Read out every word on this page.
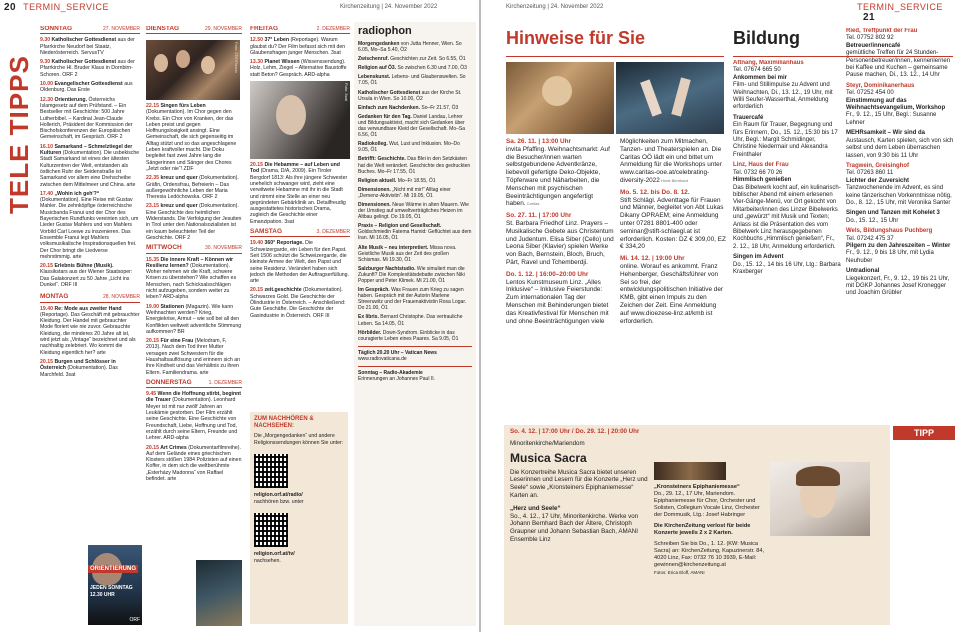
20 TERMIN_SERVICE	Kirchenzeitung | 24. November 2022
TELE TIPPS
SONNTAG	27. NOVEMBER

9.30 Katholischer Gottesdienst aus der Pfarrkirche Neudorf bei Staatz, Niederösterreich. ServusTV

9.30 Katholischer Gottesdienst aus der Pfarrkirche Hl. Bruder Klaus in Dornbirn-Schoren. ORF 2

10.00 Evangelischer Gottesdienst aus Oldenburg. Das Erste

12.30 Orientierung. Österreichs Islamgesetz auf dem Prüfstand. – Ein Bestseller mit Geschichte: 500 Jahre Lutherbibel. – Kardinal Jean-Claude Hollerich, Präsident der Kommission der Bischofskonferenzen der Europäischen Gemeinschaft, im Gespräch. ORF 2

16.10 Samarkand – Schmelztiegel der Kulturen (Dokumentation). Die usbekische Stadt Samarkand ist eines der ältesten Kulturzentren der Welt, entstanden als östlichen Ruhr der Seidenstraße ist Samarkand vor allem eine Drehscheibe zwischen dem Mittelmeer und China. arte

17.40 „Wohin ich geh'?“ (Dokumentation). Eine Reise mit Gustav Mahler. Die zehnköpfige österreichische Musicbanda Franui und der Chor des Bayerischen Rundfunks vereinten sich, um Lieder Gustav Mahlers und von Mahlers Vorbild Carl Loewe zu inszenieren. Das Ensemble Franui legt Mahlers volksmusikalische Inspirationsquellen frei. Der Chor bringt die Liedverse mehrstimmig. arte

20.15 Erlebnis Bühne (Musik). Klassikstars aus der Wiener Staatsoper: Das Galakonzert zu 50 Jahre „Licht ins Dunkel“. ORF III

MONTAG	28. NOVEMBER

19.40 Re: Mode aus zweiter Hand (Reportage). Das Geschäft mit gebrauchter Kleidung. Der Handel mit gebrauchter Mode floriert wie nie zuvor. Gebrauchte Kleidung, die minderes 20 Jahre alt ist, wird jetzt als „Vintage“ bezeichnet und als nachhaltig zelebriert. Wo kommt die Kleidung eigentlich her? arte

20.15 Burgen und Schlösser in Österreich (Dokumentation). Das Marchfeld. 3sat

ORIENTIERUNG
JEDEN SONNTAG
12.30 UHR
ORF
Foto: ZDF/Radon
DIENSTAG	29. NOVEMBER

22.15 Singen fürs Leben (Dokumentation). Im Chor gegen den Krebs. Ein Chor von Kranken, der das Leben preist und gegen Hoffnungslosigkeit ansingt. Eine Gemeinschaft, die sich gegenseitig im Alltag stützt und so das angeschlagene Leben kraftvoller macht. Die Doku begleitet fast zwei Jahre lang die Sängerinnen und Sänger des Chores „Jetzt oder nie“! ZDF

22.35 kreuz und quer (Dokumentation). Gräfin, Ordensfrau, Befreierin – Das außergewöhnliche Leben der Maria Theresia Ledóchowska. ORF 2

23.15 kreuz und quer (Dokumentation). Eine Geschichte des heimlichen Widerstands. Die Verfolgung der Jesuiten in Tirol unter den Nationalsozialisten ist ein kaum beleuchteter Teil der Geschichte. ORF 2

MITTWOCH	30. NOVEMBER

15.35 Die innere Kraft – Können wir Resilienz lernen? (Dokumentation). Woher nehmen wir die Kraft, schwere Krisen zu überstehen? Wie schaffen es Menschen, nach Schicksalsschlägen nicht aufzugeben, sondern weiter zu leben? ARD-alpha

19.00 Stationen (Magazin). Wie kann Weihnachten werden? Krieg, Energiekrise, Armut – wie soll bei all den Konflikten weltweit adventliche Stimmung aufkommen? BR

20.15 Für eine Frau (Melodram, F, 2013). Nach dem Tod ihrer Mutter versagen zwei Schwestern für die Haushaltsauflösung und erinnern sich an ihre Kindheit und das Verhältnis zu ihren Eltern. Familiendrama. arte

DONNERSTAG	1. DEZEMBER

9.45 Wenn die Hoffnung stirbt, beginnt die Trauer (Dokumentation). Leonhard Meyer ist mit nur zwölf Jahren an Leukämie gestorben. Der Film erzählt seine Geschichte. Eine Geschichte von Freundschaft, Liebe, Hoffnung und Tod, erzählt durch seine Eltern, Freunde und Lehrer. ARD-alpha

20.15 Art Crimes (Dokumentarfilmreihe). Auf dem Gelände eines griechischen Klosters stößen 1984 Polizisten auf einen Koffer, in dem sich die weltberühmte „Esterházy Madonna“ von Raffael befindet. arte

FREITAG	2. DEZEMBER

12.50 37° Leben (Reportage). Warum glaubst du? Der Film befasst sich mit den Glaubensfragen junger Menschen. 3sat

13.30 Planet Wissen (Wissenssendung). Holz, Lehm, Ziegel – Alternative Baustoffe statt Beton? Gespräch. ARD-alpha

Foto: 3sat

20.15 Die Hebamme – auf Leben und Tod (Drama, D/A, 2009). Ein Tiroler Bergdorf 1813: Als ihre jüngere Schwester unehelich schwanger wird, zieht eine verwitwete Hebamme mit ihr in die Stadt und nimmt eine Stelle an einer neu gegründeten Gebärklinik an. Detailfreudig ausgestattetes historisches Drama, zugleich die Geschichte einer Emanzipation. 3sat

SAMSTAG	3. DEZEMBER

19.40 360° Reportage. Die Schweizergarde, ein Leben für den Papst. Seit 1506 schützt die Schweizergarde, die kleinste Armee der Welt, den Papst und seine Residenz. Verändert haben sich jedoch die Methoden der Auftragserfüllung. arte

20.15 zeit.geschichte (Dokumentation). Schwarzes Gold. Die Geschichte der Ölindustrie in Österreich. – Anschließend: Gute Geschäfte. Die Geschichte der Gasindustrie in Österreich. ORF III

ZUM NACHHÖREN & NACHSEHEN:
Die „Morgengedanken“ und andere Religionssendungen können Sie unter:
religion.orf.at/radio/
nachhören bzw. unter
religion.orf.at/tv/
nachsehen.
radiophon

Morgengedanken von Jutta Henner, Wien. So 6.05, Mo–Sa 5.40, Ö2

Zwischenruf. Geschichten zur Zeit. So 6.55, Ö1

Religion auf Ö3. So zwischen 6.30 und 7.00, Ö3

Lebenskunst. Lebens- und Glaubenswelten. So 7.05, Ö1

Katholischer Gottesdienst aus der Kirche St. Ursula in Wien. So 10.00, Ö2

Einfach zum Nachdenken. So–Fr 21.57, Ö3

Gedanken für den Tag. Daniel Landau, Lehrer und Bildungsaktivist, macht sich Gedanken über das verwundbare Kleid der Gesellschaft. Mo–Sa 6.56, Ö1

Radiokolleg. Wut, Lust und Inklusion. Mo–Do 9.05, Ö1

Betrifft: Geschichte. Das Blei in den Setzkästen hat die Welt verändert. Geschichte des gedruckten Buches. Mo–Fr 17.55, Ö1

Religion aktuell. Mo–Fr 18.55, Ö1

Dimensionen. „Nicht mit mir!“ Alltag einer „Demenz-Aktivistin“. Mi 19.05, Ö1

Dimensionen. Neue Wärme in alten Mauern. Wie der Umstieg auf umweltverträgliches Heizen im Altbau gelingt. Do 19.05, Ö1

Praxis – Religion und Gesellschaft. Goldschmiedin Fatema Hamid: Geflüchtet aus dem Iran. Mi 16.05, Ö1

Alte Musik – neu interpretiert. Missa nova. Geistliche Musik aus der Zeit des großen Schismas. Mi 19.30, Ö1

Salzburger Nachtstudio. Wie simuliert man die Zukunft? Die Komplexitätsdebatte zwischen Niki Popper und Peter Klimek. Mi 21.00, Ö1

Im Gespräch. Was Frauen zum Krieg zu sagen haben. Gespräch mit der Autorin Marlene Streeruwitz und der Frauenaktivistin Rosa Logar. Do 21.00, Ö1

Ex libris. Bernard Christophe. Das vertrauliche Leben. Sa 14.05, Ö1

Hörbilder. Down-Syndrom. Einblicke in das couragierte Leben eines Paares. Sa 9.05, Ö1

Täglich 20.20 Uhr – Vatican News
www.radiovaticana.de
Sonntag – Radio-Akademie
Erinnerungen an Johannes Paul II.
Kirchenzeitung | 24. November 2022	TERMIN_SERVICE 21
Hinweise für Sie

Sa. 26. 11. | 13:00 Uhr
invita Pfaffing. Weihnachtsmarkt: Auf die Besucher/innen warten selbstgebundene Adventkränze, liebevoll gefertigte Deko-Objekte, Töpferware und Näharbeiten, die Menschen mit psychischen Beeinträchtigungen angefertigt haben. Caritas

So. 27. 11. | 17:00 Uhr
St. Barbara Friedhof Linz. Prayers – Musikalische Gebete aus Christentum und Judentum. Elisa Siber (Cello) und Leona Siber (Klavier) spielen Werke von Bach, Bernstein, Bloch, Bruch, Pärt, Ravel und Tchemberdji.

Do. 1. 12. | 16:00–20:00 Uhr
Lentos Kunstmuseum Linz. „Alles Inklusive“ – Inklusive Feierstunde: Zum internationalen Tag der Menschen mit Behinderungen bietet das Kreativfestival für Menschen mit und ohne Beeinträchtigungen viele

Möglichkeiten zum Mitmachen, Tanzen- und Theaterspielen an. Die Caritas OÖ lädt ein und bittet um Anmeldung für die Workshops unter www.caritas-ooe.at/celebrating-diversity-2022 Horst Bernhard

Mo. 5. 12. bis Do. 8. 12.
Stift Schlägl. Adventtage für Frauen und Männer, begleitet von Abt Lukas Dikany OPRAEM; eine Anmeldung unter 07281 8801-400 oder seminar@stift-schlaegl.at ist erforderlich. Kosten: DZ € 309,00, EZ € 334,20

Mi. 14. 12. | 19:00 Uhr
online. Worauf es ankommt. Franz Hehenberger, Geschäftsführer von Sei so frei, der entwicklungspolitischen Initiative der KMB, gibt einen Impuls zu den Zeichen der Zeit. Eine Anmeldung auf www.dioezese-linz.at/kmb ist erforderlich.

So. 4. 12. | 17:00 Uhr / Do. 29. 12. | 20:00 Uhr
Minoritenkirche/Mariendom
Musica Sacra
Die Konzertreihe Musica Sacra bietet unseren Leserinnen und Lesern für die Konzerte „Herz und Seele“ sowie „Kronsteiners Epiphaniemesse“ Karten an.
„Herz und Seele“
So., 4. 12., 17 Uhr, Minoritenkirche. Werke von Johann Bernhard Bach der Ältere, Christoph Graupner und Johann Sebastian Bach, AMANI Ensemble Linz
„Kronsteiners Epiphaniemesse“
Do., 29. 12., 17 Uhr, Mariendom. Epiphaniemesse für Chor, Orchester und Solisten, Collegium Vocale Linz, Orchester der Dommusik, Ltg.: Josef Habringer
Die KirchenZeitung verlost für beide Konzerte jeweils 2 x 2 Karten.
Schreiben Sie bis Do., 1. 12. (KW: Musica Sacra) an: KirchenZeitung, Kapuzinerstr. 84, 4020 Linz, Fax: 0732 76 10 3939, E-Mail: gewinnen@kirchenzeitung.at
Fotos: Erica Eloff, AMANI
TIPP
Bildung

Attnang, Maximilianhaus
Tel. 07674 665 50
Ankommen bei mir
Film- und Stillimpulse zu Advent und Weihnachten, Di., 13. 12., 19 Uhr, mit Willi Seufer-Wasserthal, Anmeldung erforderlich

Trauercafé
Ein Raum für Trauer, Begegnung und fürs Erinnern, Do., 15. 12., 15:30 bis 17 Uhr, Begl.: Margit Schmidinger, Christine Niedermair und Alexandra Freinthaler

Linz, Haus der Frau
Tel. 0732 66 70 26
Himmlisch genießen
Das Bibelwerk kocht auf, ein kulinarisch-biblischer Abend mit einem erlesenen Vier-Gänge-Menü, vor Ort gekocht von Mitarbeiter/innen des Linzer Bibelwerks und „gewürzt“ mit Musik und Texten; Anlass ist die Präsentation des vom Bibelwerk Linz herausgegebenen Kochbuchs „Himmlisch genießen“, Fr., 2. 12., 18 Uhr, Anmeldung erforderlich.

Singen im Advent
Do., 15. 12., 14 bis 16 Uhr, Ltg.: Barbara Kraxberger

Ried, Treffpunkt der Frau
Tel. 07752 802 92
Betreuer/innencafé
gemütliche Treffen für 24 Stunden-Personenbetreuer/innen, kennenlernen bei Kaffee und Kuchen – gemeinsame Pause machen, Di., 13. 12., 14 Uhr

Steyr, Dominikanerhaus
Tel. 07252 454 00
Einstimmung auf das Weihnachtsevangelium, Workshop
Fr., 9. 12., 15 Uhr, Begl.: Susanne Lehner

MEHRsamkeit – Wir sind da
Austausch, Karten spielen, sich von sich selbst und dem Leben überraschen lassen, von 9:30 bis 11 Uhr

Tragwein, Greisinghof
Tel. 07263 860 11
Lichter der Zuversicht
Tanzwochenende im Advent, es sind keine tänzerischen Vorkenntnisse nötig, Do., 8. 12., 15 Uhr, mit Veronika Santer

Singen und Tanzen mit Kohelet 3
Do., 15. 12., 15 Uhr

Wels, Bildungshaus Puchberg
Tel. 07242 475 37
Pilgern zu den Jahreszeiten – Winter
Fr., 9. 12., 9 bis 18 Uhr, mit Lydia Neuhuber

Untradional
Liegekonzert, Fr., 9. 12., 19 bis 21 Uhr, mit DGKP Johannes Josef Kronegger und Joachim Grübler
